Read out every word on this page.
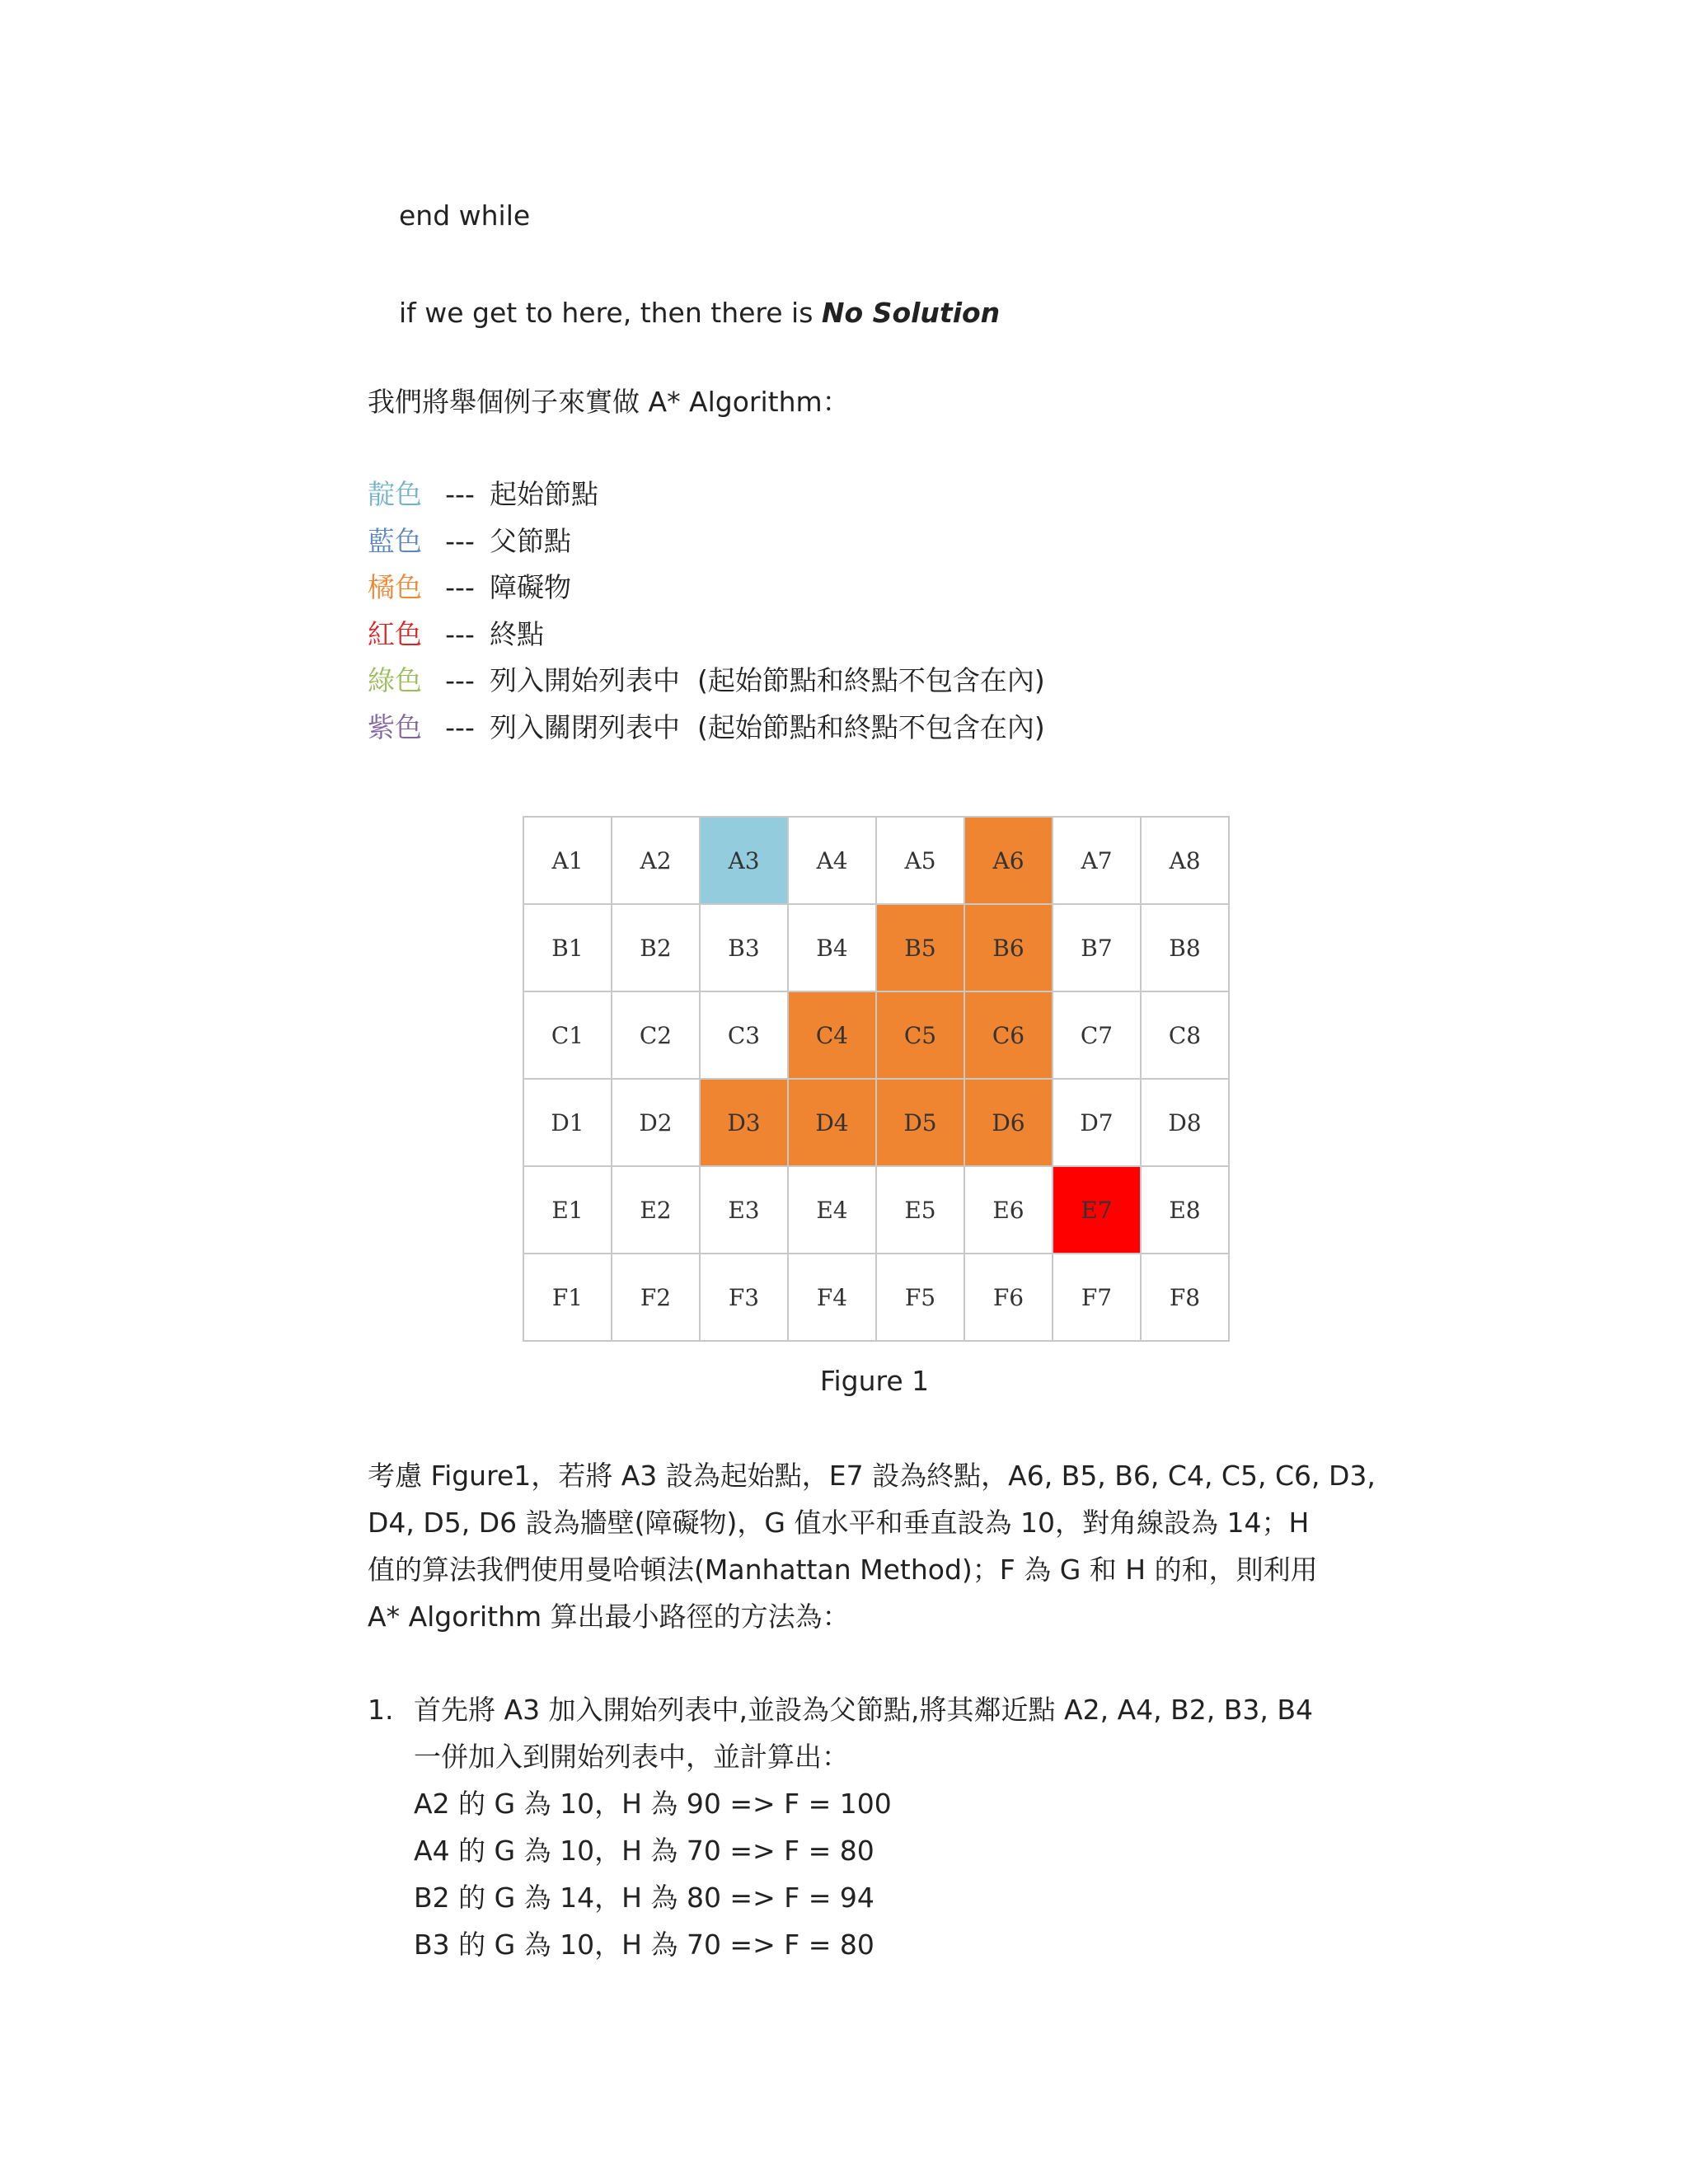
end while
if we get to here, then there is No Solution
我們將舉個例子來實做 A* Algorithm：
靛色 --- 起始節點
藍色 --- 父節點
橘色 --- 障礙物
紅色 --- 終點
綠色 --- 列入開始列表中  (起始節點和終點不包含在內)
紫色 --- 列入關閉列表中  (起始節點和終點不包含在內)
A1	A2	A3	A4	A5	A6	A7	A8
B1	B2	B3	B4	B5	B6	B7	B8
C1	C2	C3	C4	C5	C6	C7	C8
D1	D2	D3	D4	D5	D6	D7	D8
E1	E2	E3	E4	E5	E6	E7	E8
F1	F2	F3	F4	F5	F6	F7	F8
Figure 1
考慮 Figure1，若將 A3 設為起始點，E7 設為終點，A6, B5, B6, C4, C5, C6, D3,
D4, D5, D6 設為牆壁(障礙物)，G 值水平和垂直設為 10，對角線設為 14；H
值的算法我們使用曼哈頓法(Manhattan Method)；F 為 G 和 H 的和，則利用
A* Algorithm 算出最小路徑的方法為：
1. 首先將 A3 加入開始列表中,並設為父節點,將其鄰近點 A2, A4, B2, B3, B4
一併加入到開始列表中，並計算出：
A2 的 G 為 10，H 為 90 => F = 100
A4 的 G 為 10，H 為 70 => F = 80
B2 的 G 為 14，H 為 80 => F = 94
B3 的 G 為 10，H 為 70 => F = 80
